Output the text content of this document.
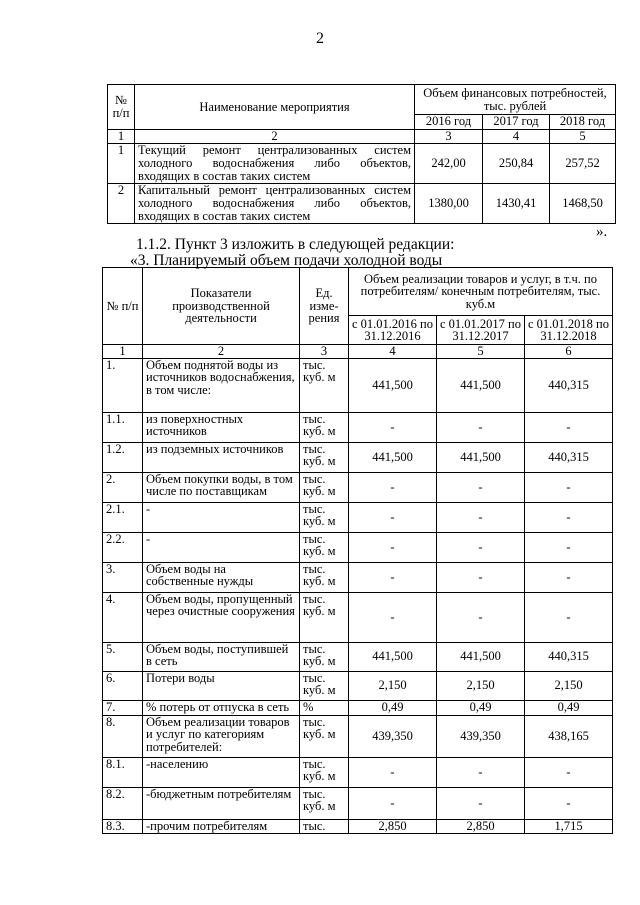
2
№ п/п	Наименование мероприятия	Объем финансовых потребностей, тыс. рублей		
		2016 год	2017 год	2018 год
1	2	3	4	5
1	Текущий ремонт централизованных систем холодного водоснабжения либо объектов, входящих в состав таких систем	242,00	250,84	257,52
2	Капитальный ремонт централизованных систем холодного водоснабжения либо объектов, входящих в состав таких систем	1380,00	1430,41	1468,50
».
1.1.2. Пункт 3 изложить в следующей редакции:
«3. Планируемый объем подачи холодной воды
№ п/п	Показатели производственной деятельности	Ед. изме- рения	Объем реализации товаров и услуг, в т.ч. по потребителям/ конечным потребителям, тыс. куб.м		
			с 01.01.2016 по 31.12.2016	с 01.01.2017 по 31.12.2017	с 01.01.2018 по 31.12.2018
1	2	3	4	5	6
1.	Объем поднятой воды из источников водоснабжения, в том числе:	тыс. куб. м	441,500	441,500	440,315
1.1.	из поверхностных источников	тыс. куб. м	-	-	-
1.2.	из подземных источников	тыс. куб. м	441,500	441,500	440,315
2.	Объем покупки воды, в том числе по поставщикам	тыс. куб. м	-	-	-
2.1.	-	тыс. куб. м	-	-	-
2.2.	-	тыс. куб. м	-	-	-
3.	Объем воды на собственные нужды	тыс. куб. м	-	-	-
4.	Объем воды, пропущенный через очистные сооружения	тыс. куб. м	-	-	-
5.	Объем воды, поступившей в сеть	тыс. куб. м	441,500	441,500	440,315
6.	Потери воды	тыс. куб. м	2,150	2,150	2,150
7.	% потерь от отпуска в сеть	%	0,49	0,49	0,49
8.	Объем реализации товаров и услуг по категориям потребителей:	тыс. куб. м	439,350	439,350	438,165
8.1.	-населению	тыс. куб. м	-	-	-
8.2.	-бюджетным потребителям	тыс. куб. м	-	-	-
8.3.	-прочим потребителям	тыс.	2,850	2,850	1,715
